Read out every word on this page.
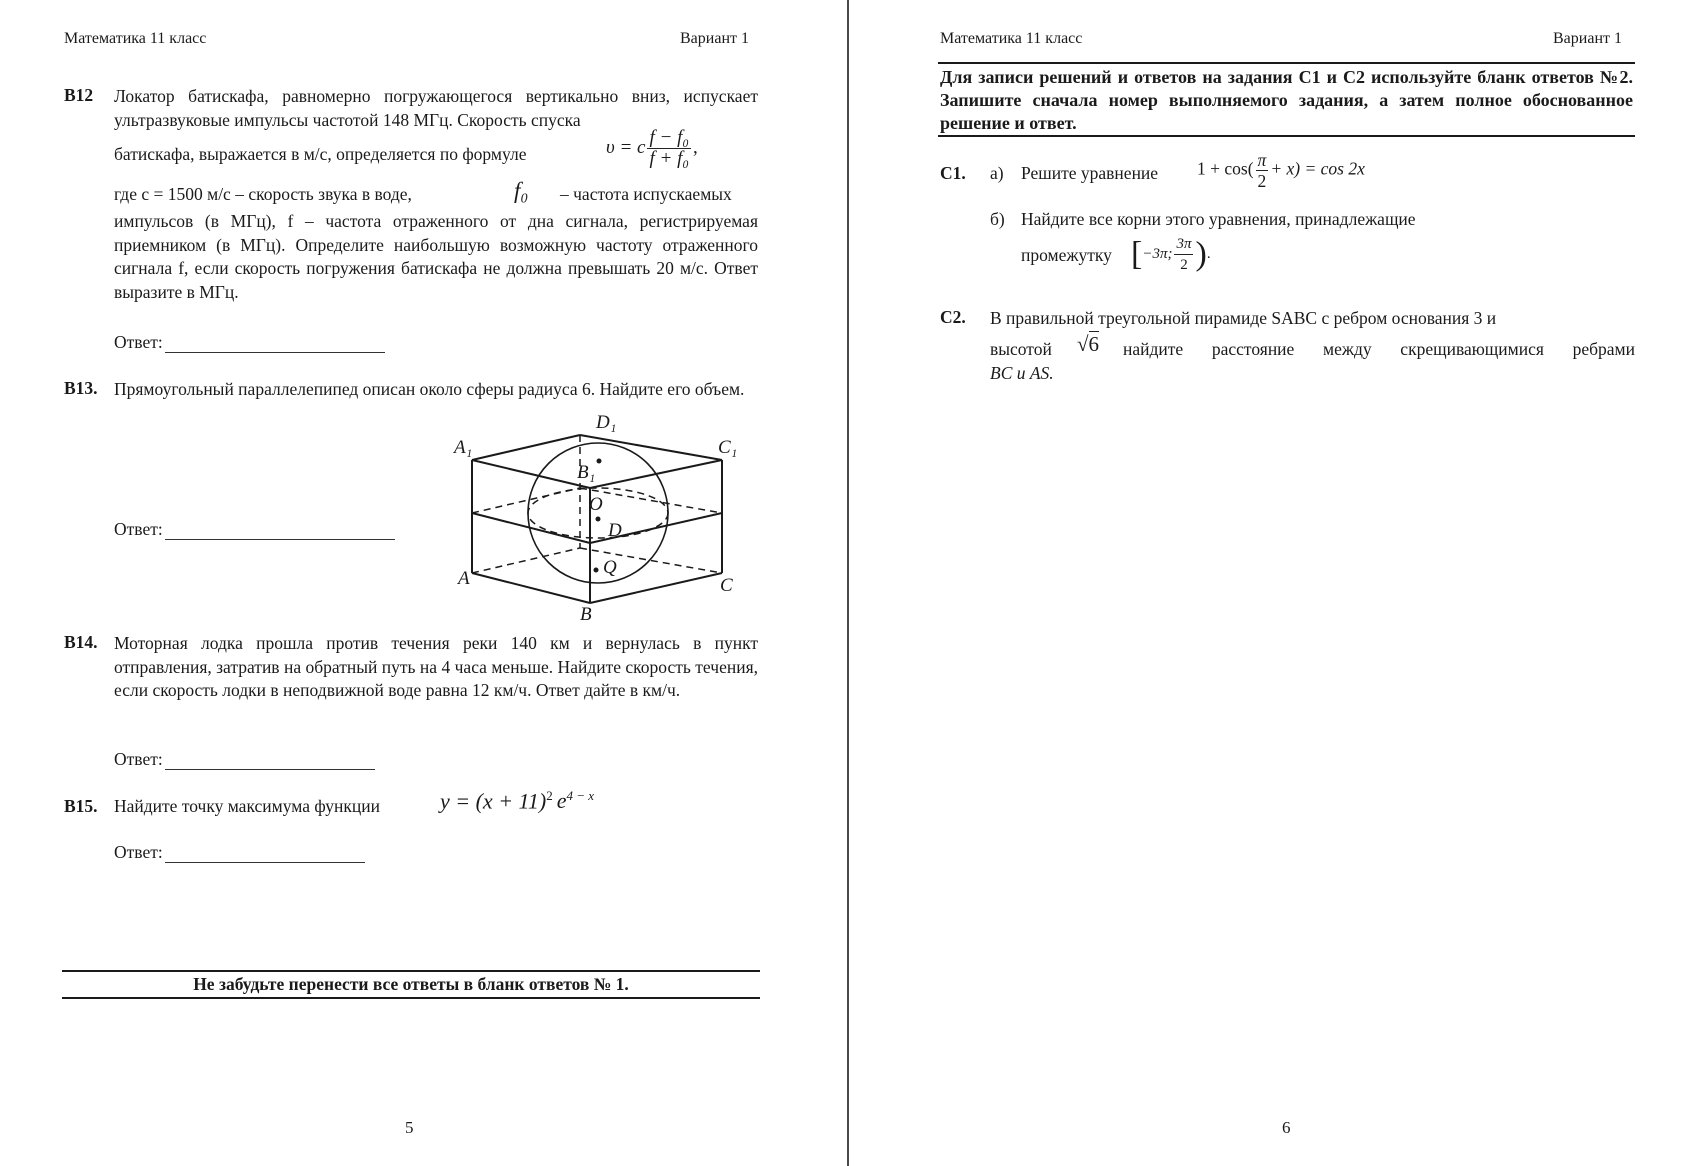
Математика 11 класс	Вариант 1
B12 Локатор батискафа, равномерно погружающегося вертикально вниз, испускает ультразвуковые импульсы частотой 148 МГц. Скорость спуска
батискафа, выражается в м/с, определяется по формуле	υ = c $\frac{\text{f − f₀}}{\text{f + f₀}}$ ,
где c = 1500 м/с – скорость звука в воде,	f₀ – частота испускаемых
импульсов (в МГц), f – частота отраженного от дна сигнала, регистрируемая приемником (в МГц). Определите наибольшую возможную частоту отраженного сигнала f, если скорость погружения батискафа не должна превышать 20 м/с. Ответ выразите в МГц.
Ответ:
B13. Прямоугольный параллелепипед описан около сферы радиуса 6. Найдите его объем.
Ответ:
A₁
D₁
C₁
B₁
O
D
Q
A
B
C
B14. Моторная лодка прошла против течения реки 140 км и вернулась в пункт отправления, затратив на обратный путь на 4 часа меньше. Найдите скорость течения, если скорость лодки в неподвижной воде равна 12 км/ч. Ответ дайте в км/ч.
Ответ:
B15. Найдите точку максимума функции	$y = (x + 11)^2$ $e^{4 - x}$
Ответ:
Не забудьте перенести все ответы в бланк ответов № 1.
5
Математика 11 класс	Вариант 1
Для записи решений и ответов на задания С1 и С2 используйте бланк ответов №2. Запишите сначала номер выполняемого задания, а затем полное обоснованное решение и ответ.
С1. а) Решите уравнение $1 + \cos( \frac{\pi}{2} + x) = \cos 2x$
б) Найдите все корни этого уравнения, принадлежащие
промежутку [−3π; $\frac{3\pi}{2}$ ).
С2. В правильной треугольной пирамиде SABC с ребром основания 3 и
высотой √6 найдите расстояние между скрещивающимися ребрами
BC и AS.
6
